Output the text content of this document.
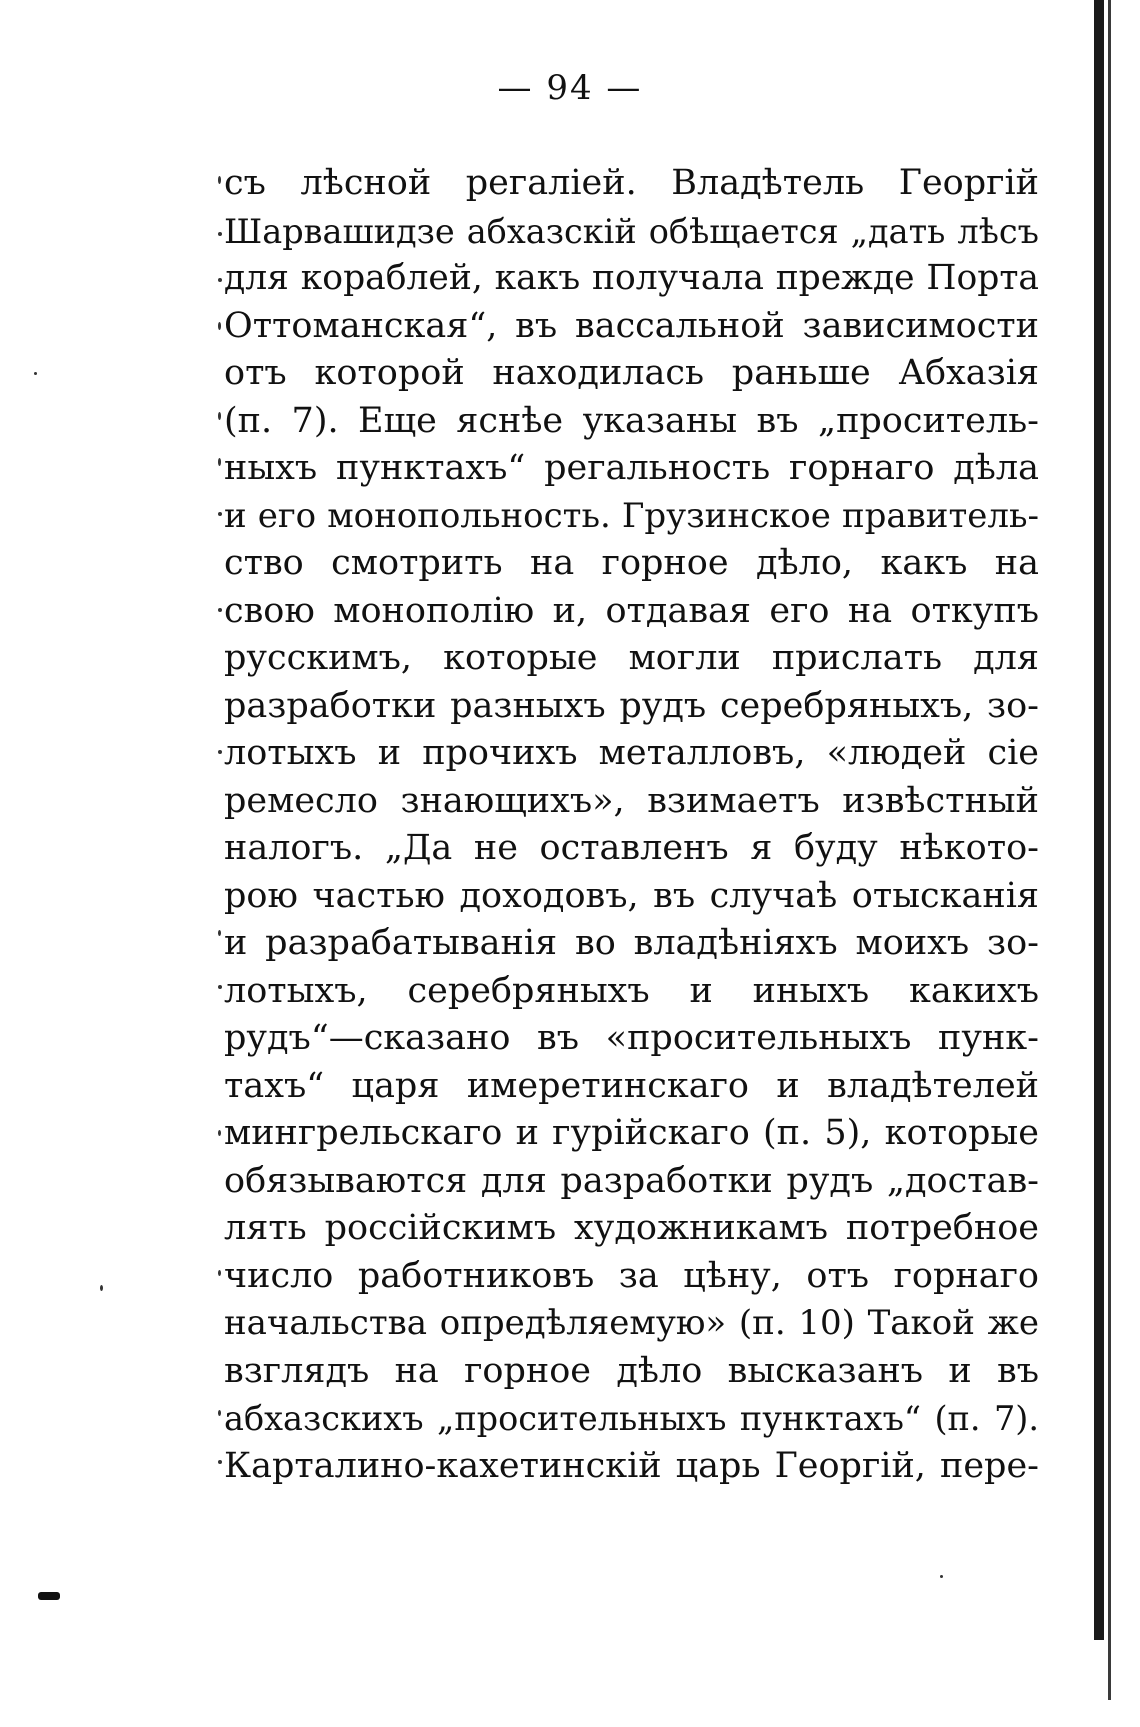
— 94 —
съ лѣсной регаліей. Владѣтель Георгій
Шарвашидзе абхазскій обѣщается „дать лѣсъ
для кораблей, какъ получала прежде Порта
Оттоманская“, въ вассальной зависимости
отъ которой находилась раньше Абхазія
(п. 7). Еще яснѣе указаны въ „проситель-
ныхъ пунктахъ“ регальность горнаго дѣла
и его монопольность. Грузинское правитель-
ство смотрить на горное дѣло, какъ на
свою монополію и, отдавая его на откупъ
русскимъ, которые могли прислать для
разработки разныхъ рудъ серебряныхъ, зо-
лотыхъ и прочихъ металловъ, «людей сіе
ремесло знающихъ», взимаетъ извѣстный
налогъ. „Да не оставленъ я буду нѣкото-
рою частью доходовъ, въ случаѣ отысканія
и разрабатыванія во владѣніяхъ моихъ зо-
лотыхъ, серебряныхъ и иныхъ какихъ
рудъ“—сказано въ «просительныхъ пунк-
тахъ“ царя имеретинскаго и владѣтелей
мингрельскаго и гурійскаго (п. 5), которые
обязываются для разработки рудъ „достав-
лять россійскимъ художникамъ потребное
число работниковъ за цѣну, отъ горнаго
начальства опредѣляемую» (п. 10) Такой же
взглядъ на горное дѣло высказанъ и въ
абхазскихъ „просительныхъ пунктахъ“ (п. 7).
Карталино-кахетинскій царь Георгій, пере-
